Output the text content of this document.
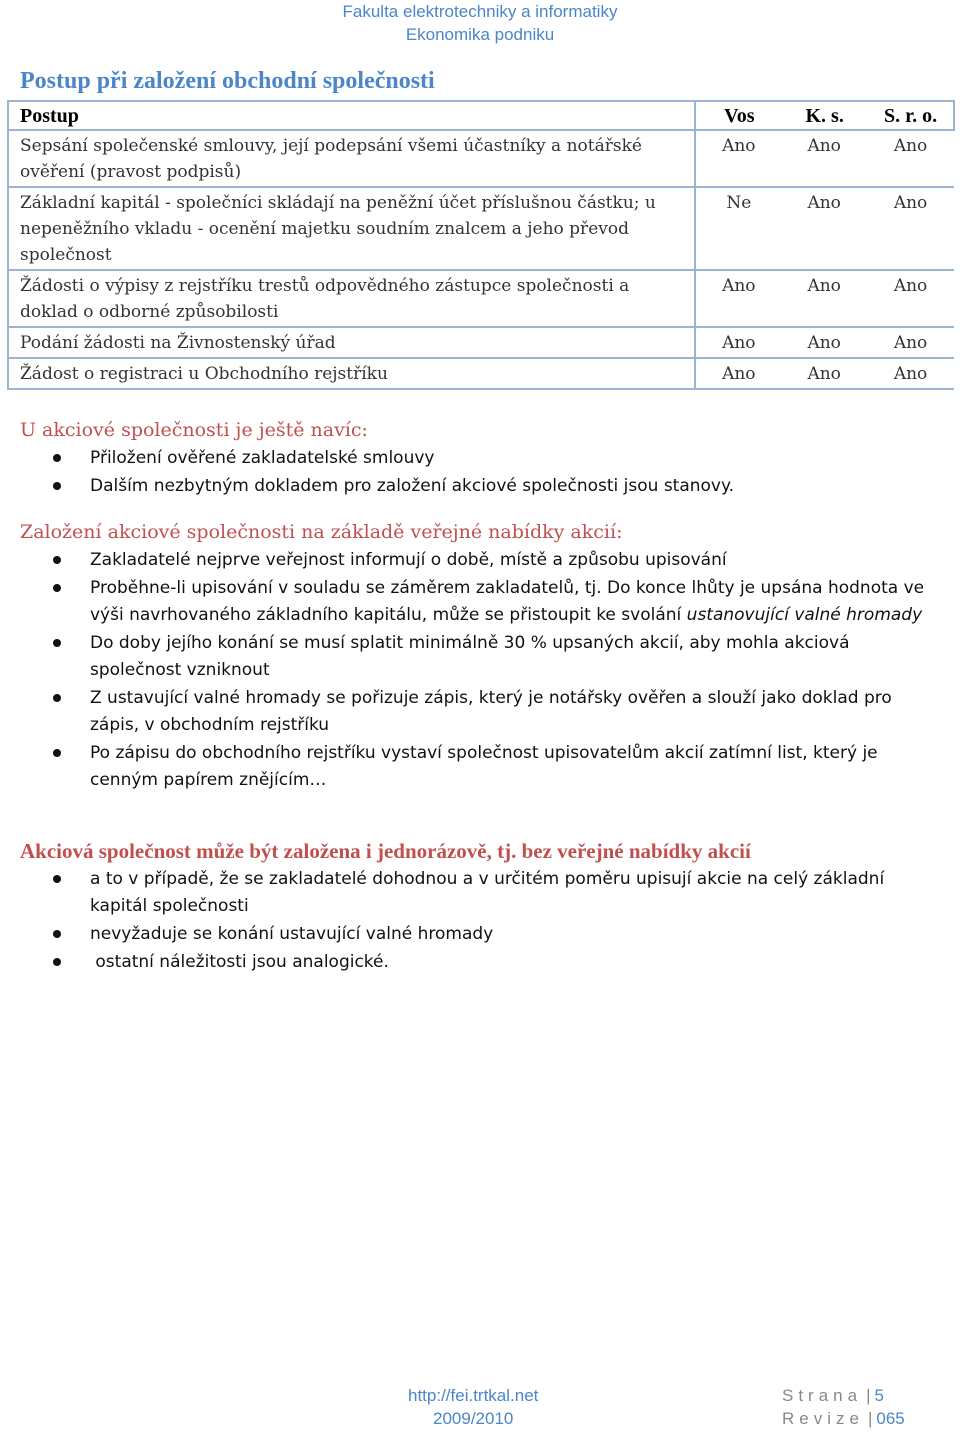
Fakulta elektrotechniky a informatiky
Ekonomika podniku
Postup při založení obchodní společnosti
Postup	Vos	K. s.	S. r. o.
Sepsání společenské smlouvy, její podepsání všemi účastníky a notářské ověření (pravost podpisů)	Ano	Ano	Ano
Základní kapitál - společníci skládají na peněžní účet příslušnou částku; u nepeněžního vkladu - ocenění majetku soudním znalcem a jeho převod společnost	Ne	Ano	Ano
Žádosti o výpisy z rejstříku trestů odpovědného zástupce společnosti a doklad o odborné způsobilosti	Ano	Ano	Ano
Podání žádosti na Živnostenský úřad	Ano	Ano	Ano
Žádost o registraci u Obchodního rejstříku	Ano	Ano	Ano
U akciové společnosti je ještě navíc:
Přiložení ověřené zakladatelské smlouvy
Dalším nezbytným dokladem pro založení akciové společnosti jsou stanovy.
Založení akciové společnosti na základě veřejné nabídky akcií:
Zakladatelé nejprve veřejnost informují o době, místě a způsobu upisování
Proběhne-li upisování v souladu se záměrem zakladatelů, tj. Do konce lhůty je upsána hodnota ve výši navrhovaného základního kapitálu, může se přistoupit ke svolání ustanovující valné hromady
Do doby jejího konání se musí splatit minimálně 30 % upsaných akcií, aby mohla akciová společnost vzniknout
Z ustavující valné hromady se pořizuje zápis, který je notářsky ověřen a slouží jako doklad pro zápis, v obchodním rejstříku
Po zápisu do obchodního rejstříku vystaví společnost upisovatelům akcií zatímní list, který je cenným papírem znějícím…
Akciová společnost může být založena i jednorázově, tj. bez veřejné nabídky akcií
a to v případě, že se zakladatelé dohodnou a v určitém poměru upisují akcie na celý základní kapitál společnosti
nevyžaduje se konání ustavující valné hromady
ostatní náležitosti jsou analogické.
http://fei.trtkal.net
2009/2010
Strana | 5
Revize | 065
